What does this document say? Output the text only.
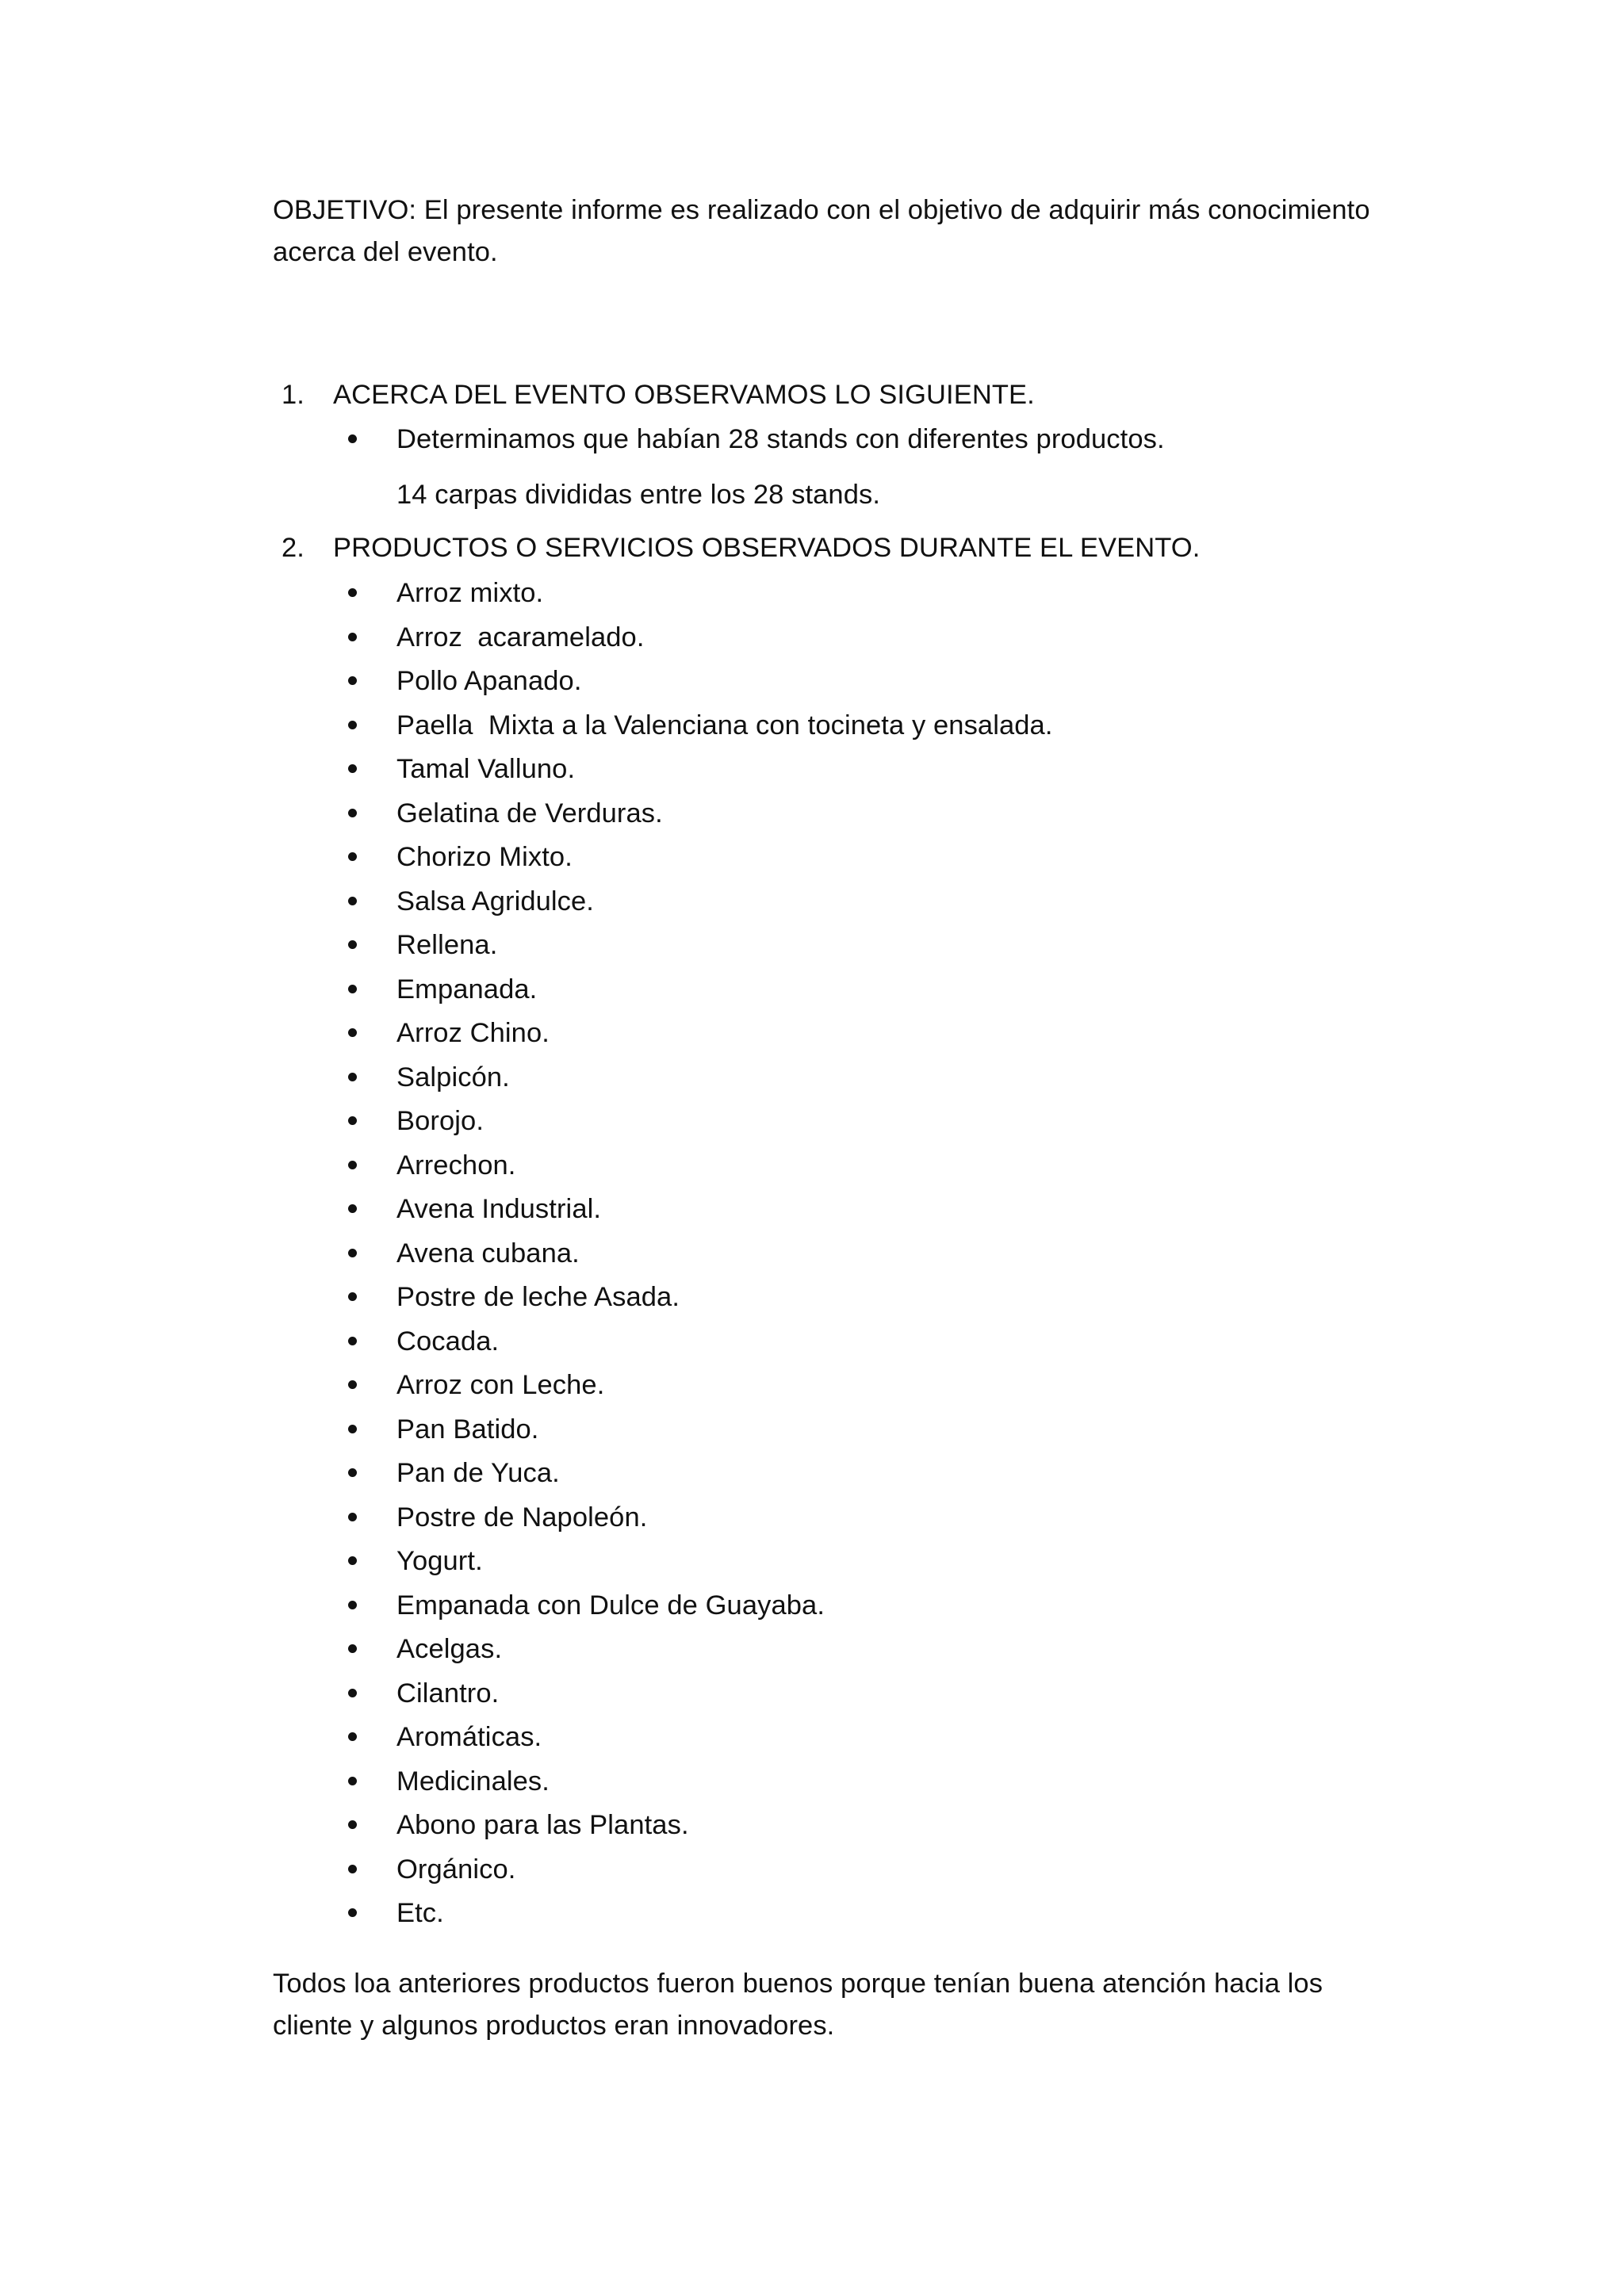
OBJETIVO: El presente informe es realizado con el objetivo de adquirir más conocimiento acerca del evento.

1. ACERCA DEL EVENTO OBSERVAMOS LO SIGUIENTE.
Determinamos que habían 28 stands con diferentes productos.

14 carpas divididas entre los 28 stands.

2. PRODUCTOS O SERVICIOS OBSERVADOS DURANTE EL EVENTO.
Arroz mixto.
Arroz  acaramelado.
Pollo Apanado.
Paella  Mixta a la Valenciana con tocineta y ensalada.
Tamal Valluno.
Gelatina de Verduras.
Chorizo Mixto.
Salsa Agridulce.
Rellena.
Empanada.
Arroz Chino.
Salpicón.
Borojo.
Arrechon.
Avena Industrial.
Avena cubana.
Postre de leche Asada.
Cocada.
Arroz con Leche.
Pan Batido.
Pan de Yuca.
Postre de Napoleón.
Yogurt.
Empanada con Dulce de Guayaba.
Acelgas.
Cilantro.
Aromáticas.
Medicinales.
Abono para las Plantas.
Orgánico.
Etc.

Todos loa anteriores productos fueron buenos porque tenían buena atención hacia los cliente y algunos productos eran innovadores.
